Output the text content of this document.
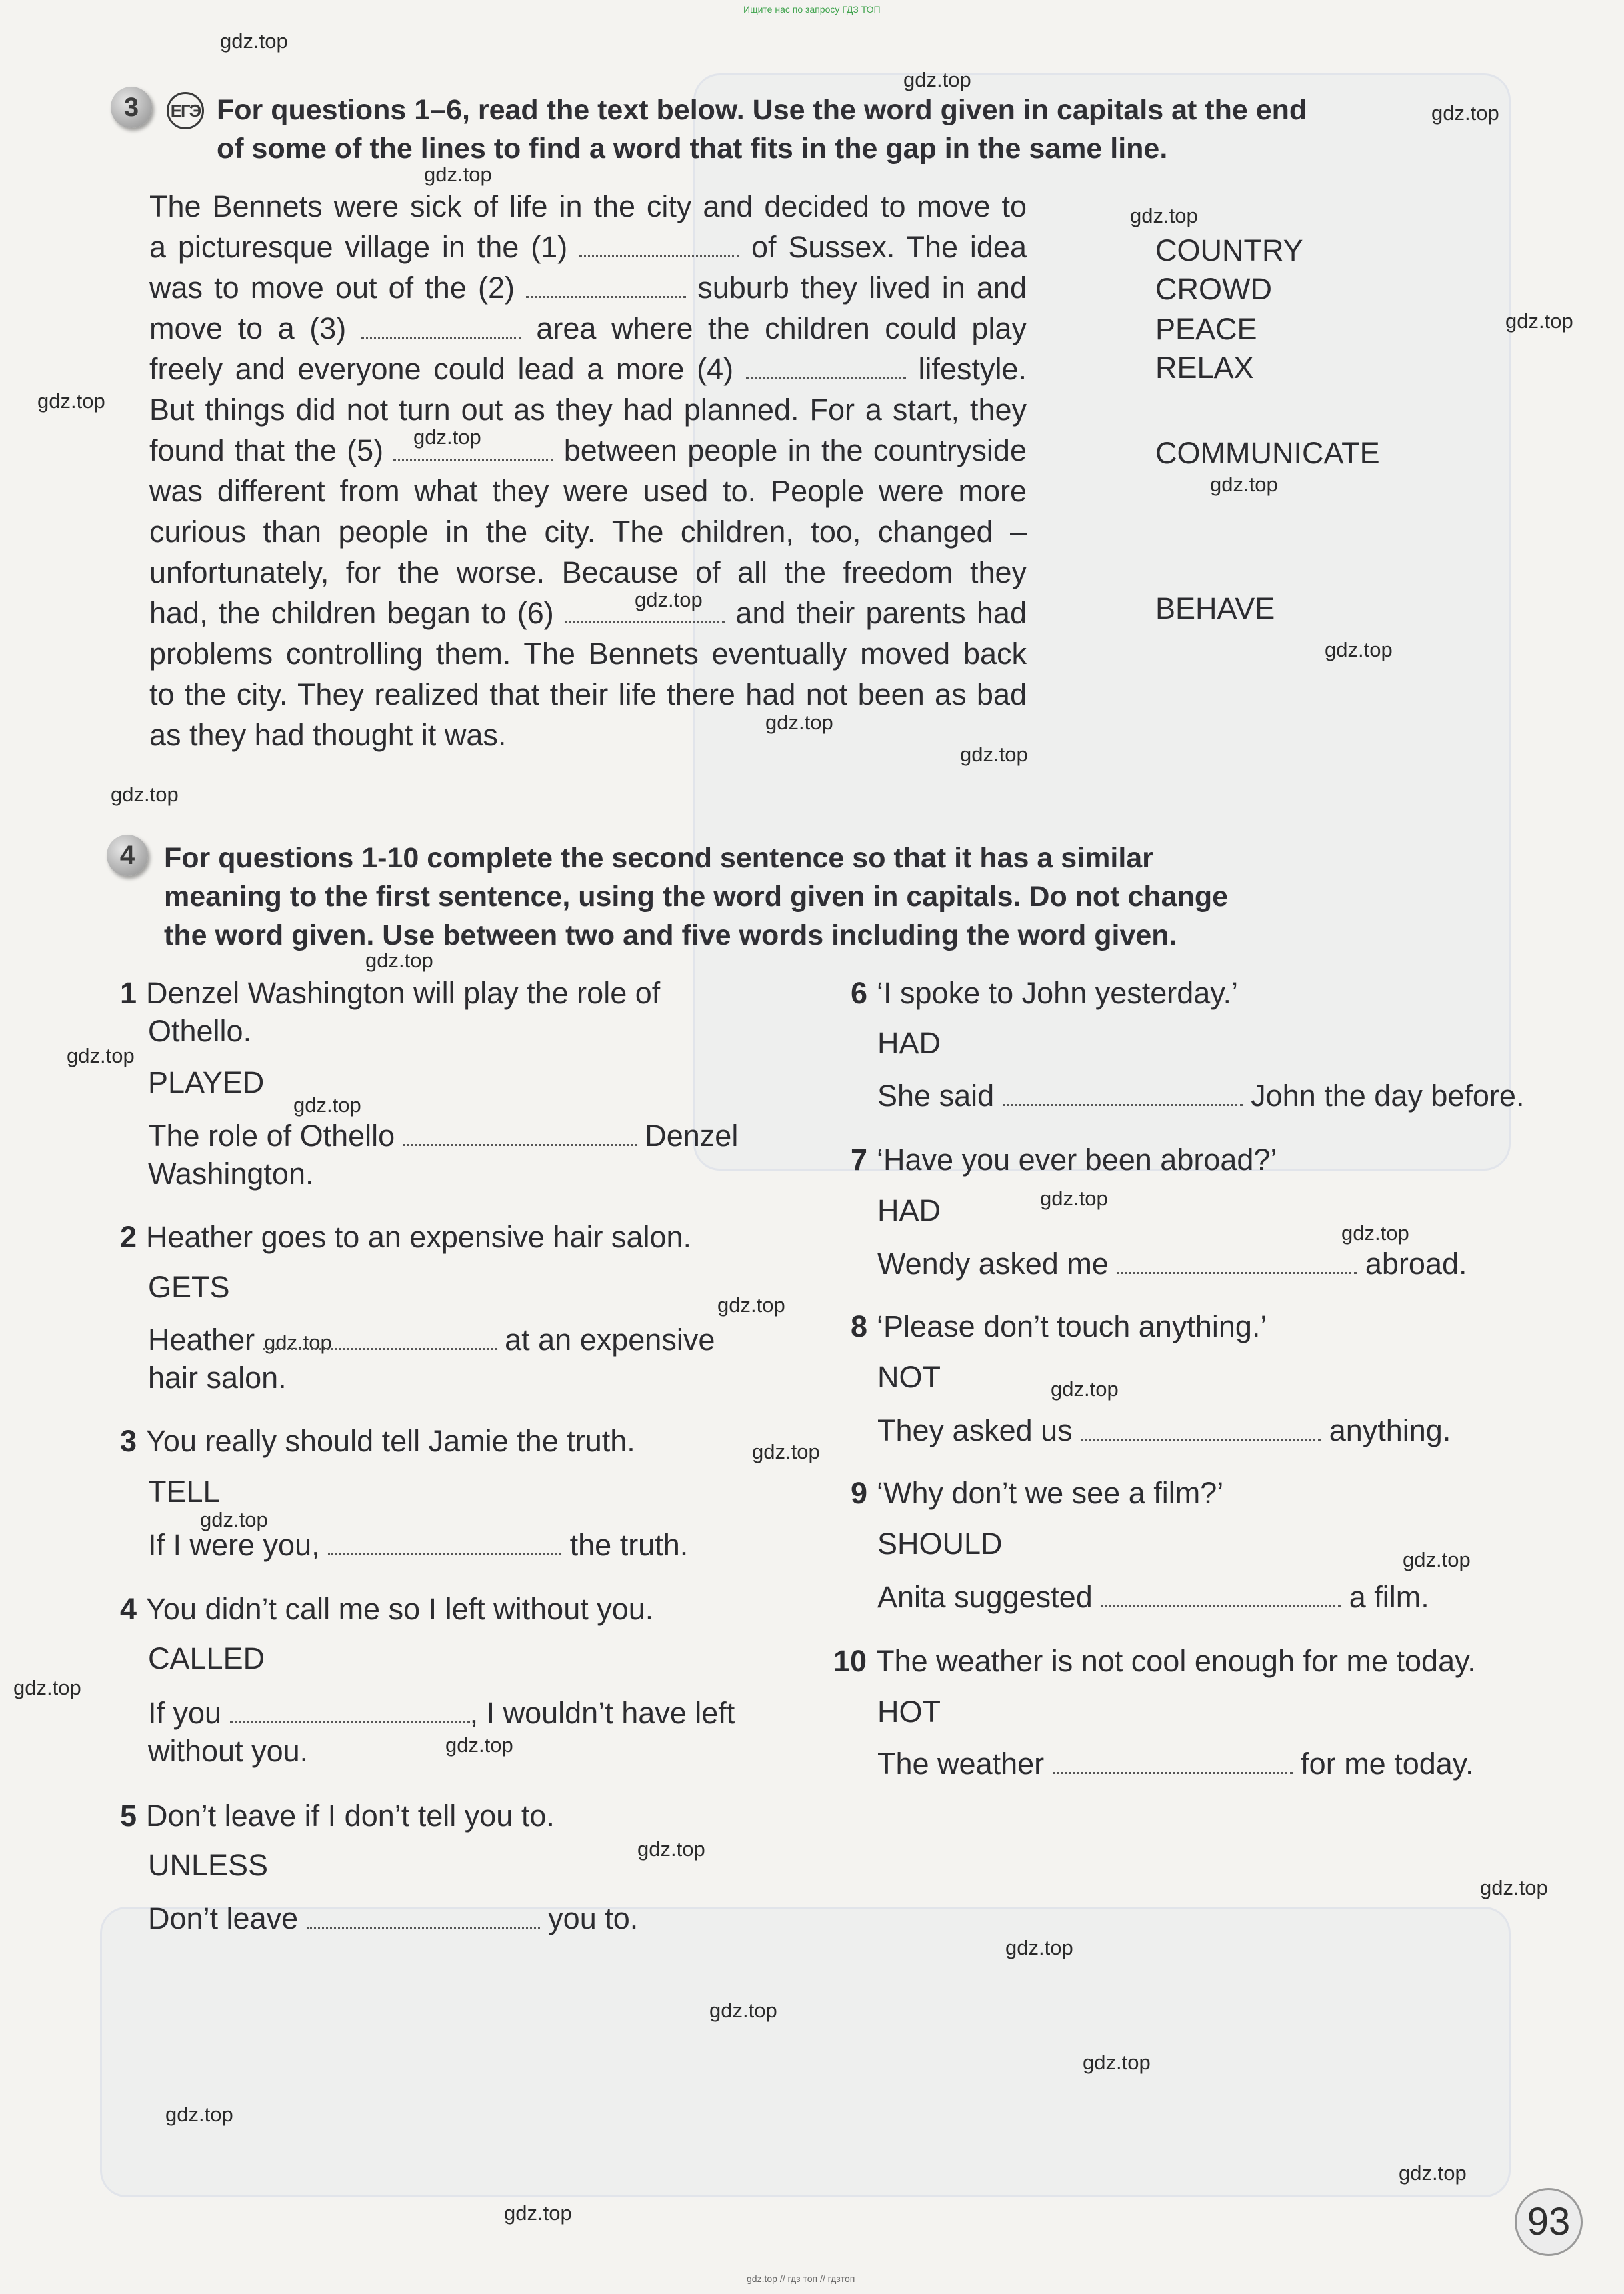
Ищите нас по запросу ГДЗ ТОП
gdz.top
gdz.top
gdz.top
gdz.top
gdz.top
gdz.top
gdz.top
gdz.top
gdz.top
gdz.top
gdz.top
gdz.top
gdz.top
gdz.top
gdz.top
gdz.top
gdz.top
gdz.top
gdz.top
gdz.top
gdz.top
gdz.top
gdz.top
gdz.top
gdz.top
gdz.top
gdz.top
gdz.top
gdz.top
gdz.top
gdz.top
gdz.top
gdz.top
gdz.top
gdz.top
3	ЕГЭ For questions 1–6, read the text below. Use the word given in capitals at the end
of some of the lines to find a word that fits in the gap in the same line.
The Bennets were sick of life in the city and decided to move to
a picturesque village in the (1)	of Sussex. The idea
was to move out of the (2)	suburb they lived in and
move to a (3)	area where the children could play
freely and everyone could lead a more (4)	lifestyle.
But things did not turn out as they had planned. For a start, they
found that the (5)	between people in the countryside
was different from what they were used to. People were more
curious than people in the city. The children, too, changed –
unfortunately, for the worse. Because of all the freedom they
had, the children began to (6)	and their parents had
problems controlling them. The Bennets eventually moved back
to the city. They realized that their life there had not been as bad
as they had thought it was.
COUNTRY
CROWD
PEACE
RELAX
COMMUNICATE
BEHAVE
4	For questions 1-10 complete the second sentence so that it has a similar
meaning to the first sentence, using the word given in capitals. Do not change
the word given. Use between two and five words including the word given.
1 Denzel Washington will play the role of
Othello.
PLAYED
The role of Othello	Denzel
Washington.
2 Heather goes to an expensive hair salon.
GETS
Heather	at an expensive
hair salon.
3 You really should tell Jamie the truth.
TELL
If I were you,	the truth.
4 You didn’t call me so I left without you.
CALLED
If you	, I wouldn’t have left
without you.
5 Don’t leave if I don’t tell you to.
UNLESS
Don’t leave	you to.
6 ‘I spoke to John yesterday.’
HAD
She said	John the day before.
7 ‘Have you ever been abroad?’
HAD
Wendy asked me	abroad.
8 ‘Please don’t touch anything.’
NOT
They asked us	anything.
9 ‘Why don’t we see a film?’
SHOULD
Anita suggested	a film.
10 The weather is not cool enough for me today.
HOT
The weather	for me today.
93
gdz.top // гдз топ // гдзтоп
